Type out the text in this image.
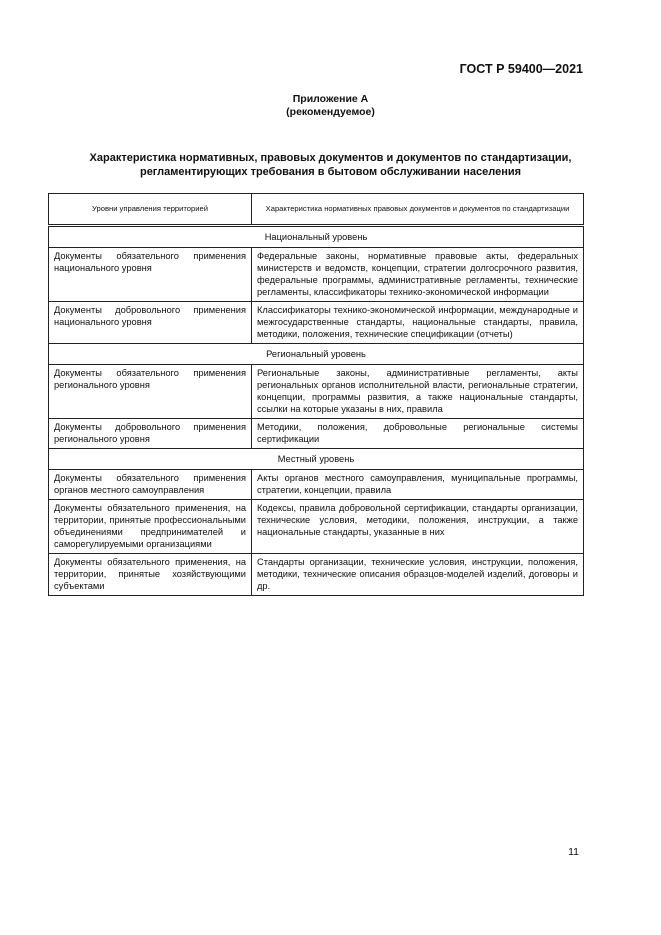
ГОСТ Р 59400—2021
Приложение А
(рекомендуемое)
Характеристика нормативных, правовых документов и документов по стандартизации,
регламентирующих требования в бытовом обслуживании населения
Уровни управления территорией	Характеристика нормативных правовых документов и документов по стандартизации
Национальный уровень	
Документы обязательного применения национального уровня	Федеральные законы, нормативные правовые акты, федеральных министерств и ведомств, концепции, стратегии долгосрочного развития, федеральные программы, административные регламенты, технические регламенты, классификаторы технико-экономической информации
Документы добровольного применения национального уровня	Классификаторы технико-экономической информации, международные и межгосударственные стандарты, национальные стандарты, правила, методики, положения, технические спецификации (отчеты)
Региональный уровень	
Документы обязательного применения регионального уровня	Региональные законы, административные регламенты, акты региональных органов исполнительной власти, региональные стратегии, концепции, программы развития, а также национальные стандарты, ссылки на которые указаны в них, правила
Документы добровольного применения регионального уровня	Методики, положения, добровольные региональные системы сертификации
Местный уровень	
Документы обязательного применения органов местного самоуправления	Акты органов местного самоуправления, муниципальные программы, стратегии, концепции, правила
Документы обязательного применения, на территории, принятые профессиональными объединениями предпринимателей и саморегулируемыми организациями	Кодексы, правила добровольной сертификации, стандарты организации, технические условия, методики, положения, инструкции, а также национальные стандарты, указанные в них
Документы обязательного применения, на территории, принятые хозяйствующими субъектами	Стандарты организации, технические условия, инструкции, положения, методики, технические описания образцов-моделей изделий, договоры и др.
11
